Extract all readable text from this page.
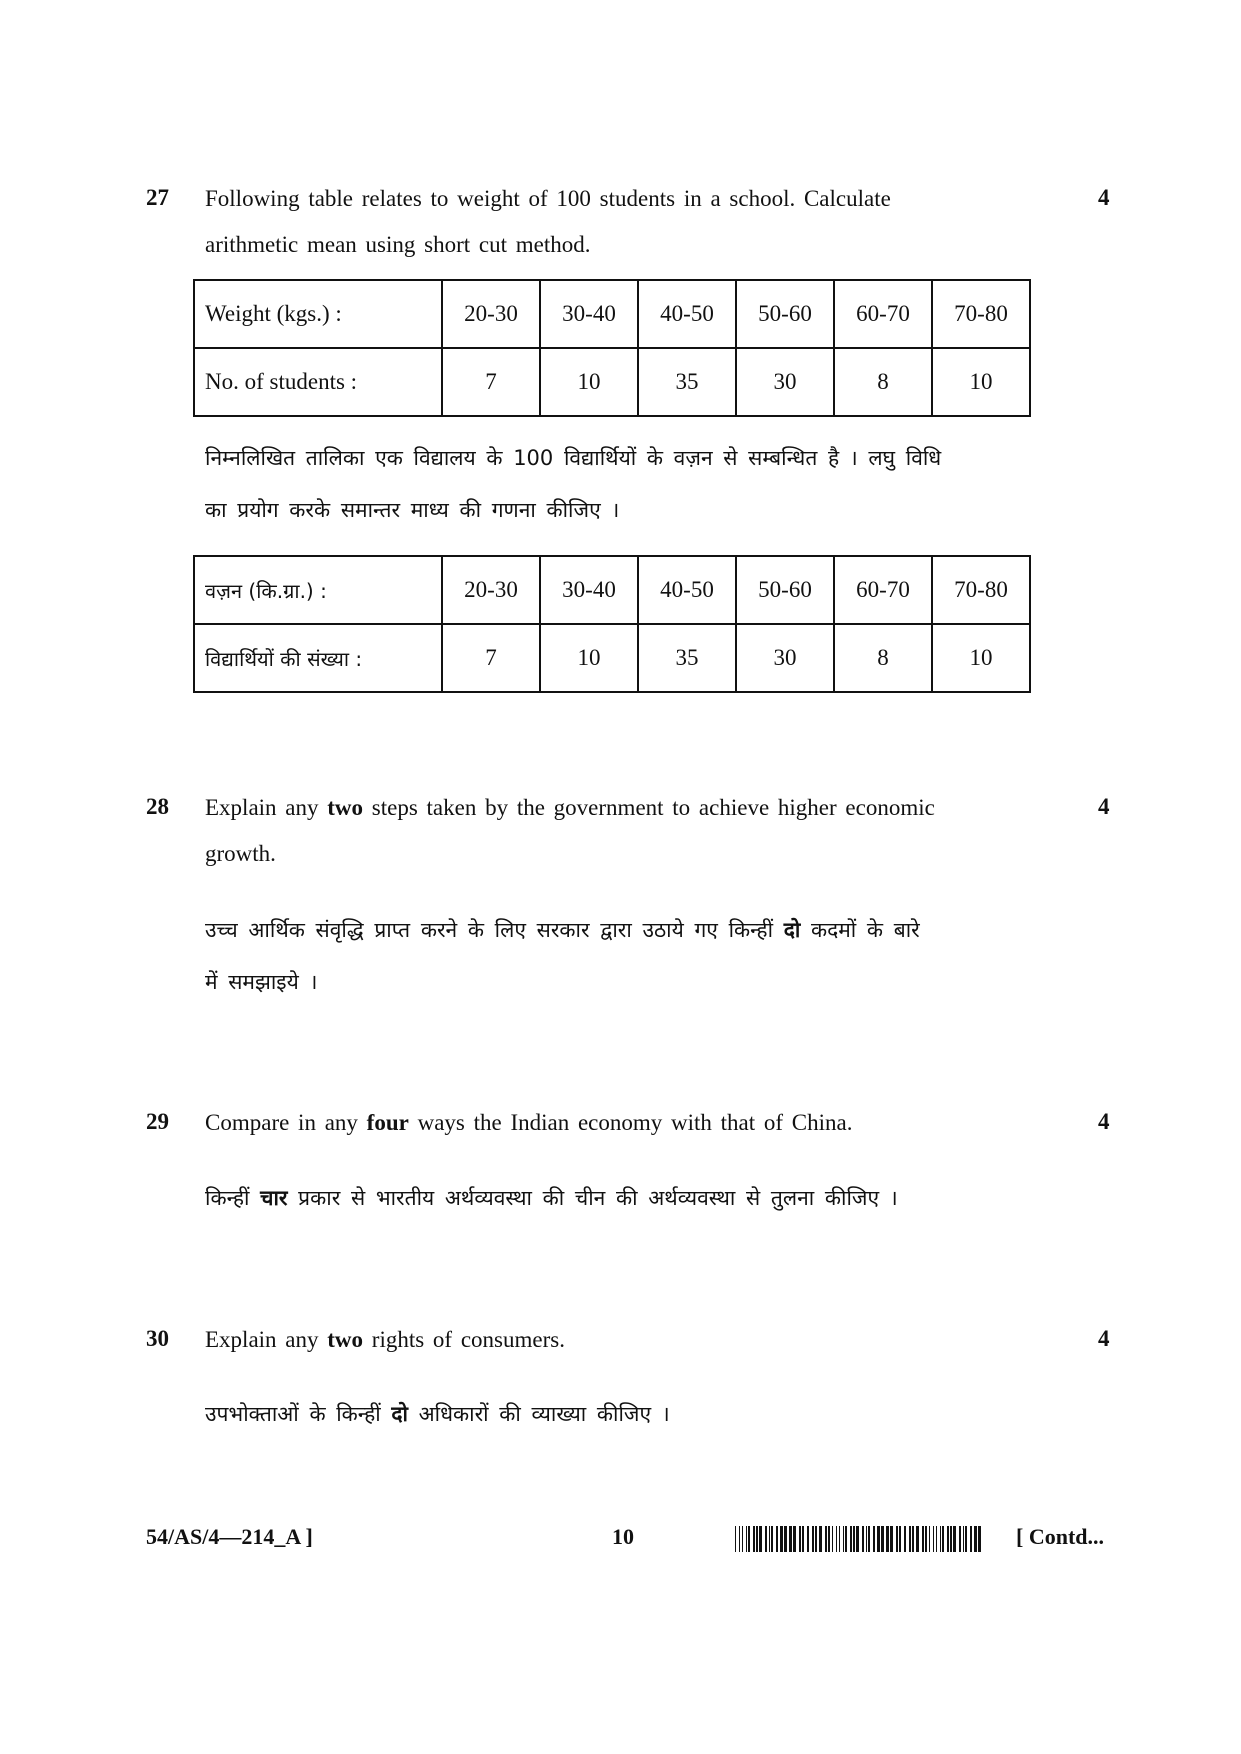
27	4
Following table relates to weight of 100 students in a school. Calculate
arithmetic mean using short cut method.
Weight (kgs.) :	20-30	30-40	40-50	50-60	60-70	70-80
No. of students :	7	10	35	30	8	10
निम्नलिखित तालिका एक विद्यालय के 100 विद्यार्थियों के वज़न से सम्बन्धित है । लघु विधि
का प्रयोग करके समान्तर माध्य की गणना कीजिए ।
वज़न (कि.ग्रा.) :	20-30	30-40	40-50	50-60	60-70	70-80
विद्यार्थियों की संख्या :	7	10	35	30	8	10
28	4
Explain any two steps taken by the government to achieve higher economic
growth.
उच्च आर्थिक संवृद्धि प्राप्त करने के लिए सरकार द्वारा उठाये गए किन्हीं दो कदमों के बारे
में समझाइये ।
29	4
Compare in any four ways the Indian economy with that of China.
किन्हीं चार प्रकार से भारतीय अर्थव्यवस्था की चीन की अर्थव्यवस्था से तुलना कीजिए ।
30	4
Explain any two rights of consumers.
उपभोक्ताओं के किन्हीं दो अधिकारों की व्याख्या कीजिए ।
54/AS/4—214_A ]	10	[ Contd...
